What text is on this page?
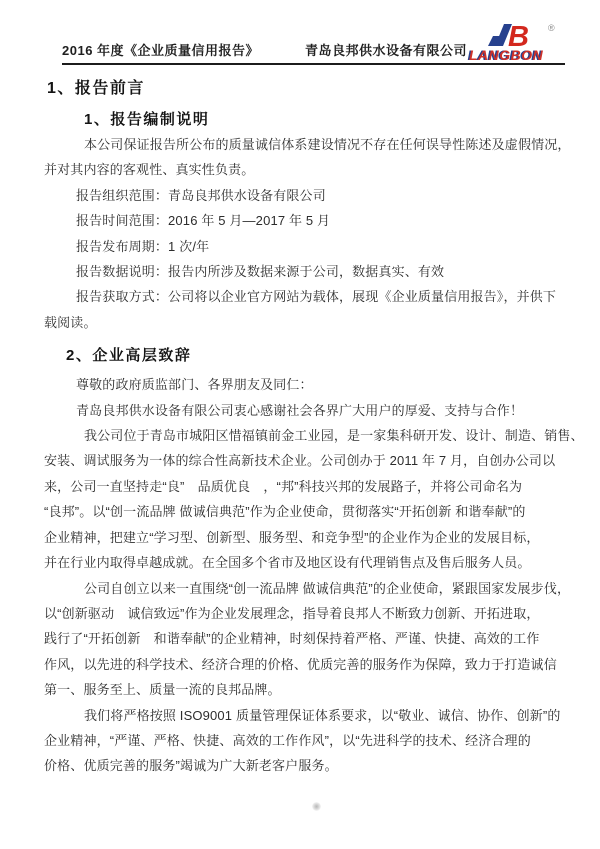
2016 年度《企业质量信用报告》	青岛良邦供水设备有限公司	B ®
LANGBON
1、报告前言
1、报告编制说明
本公司保证报告所公布的质量诚信体系建设情况不存在任何误导性陈述及虚假情况，
并对其内容的客观性、真实性负责。
报告组织范围：青岛良邦供水设备有限公司
报告时间范围：2016 年 5 月—2017 年 5 月
报告发布周期：1 次/年
报告数据说明：报告内所涉及数据来源于公司，数据真实、有效
报告获取方式：公司将以企业官方网站为载体，展现《企业质量信用报告》，并供下
载阅读。
2、企业高层致辞
尊敬的政府质监部门、各界朋友及同仁：
青岛良邦供水设备有限公司衷心感谢社会各界广大用户的厚爱、支持与合作！
我公司位于青岛市城阳区惜福镇前金工业园，是一家集科研开发、设计、制造、销售、
安装、调试服务为一体的综合性高新技术企业。公司创办于 2011 年 7 月，自创办公司以
来，公司一直坚持走“良”　品质优良　，“邦”科技兴邦的发展路子，并将公司命名为
“良邦”。以“创一流品牌 做诚信典范”作为企业使命，贯彻落实“开拓创新 和谐奉献”的
企业精神，把建立“学习型、创新型、服务型、和竞争型”的企业作为企业的发展目标，
并在行业内取得卓越成就。在全国多个省市及地区设有代理销售点及售后服务人员。
公司自创立以来一直围绕“创一流品牌 做诚信典范”的企业使命，紧跟国家发展步伐，
以“创新驱动　诚信致远”作为企业发展理念，指导着良邦人不断致力创新、开拓进取，
践行了“开拓创新　和谐奉献”的企业精神，时刻保持着严格、严谨、快捷、高效的工作
作风，以先进的科学技术、经济合理的价格、优质完善的服务作为保障，致力于打造诚信
第一、服务至上、质量一流的良邦品牌。
我们将严格按照 ISO9001 质量管理保证体系要求，以“敬业、诚信、协作、创新”的
企业精神，“严谨、严格、快捷、高效的工作作风”，以“先进科学的技术、经济合理的
价格、优质完善的服务”竭诚为广大新老客户服务。
